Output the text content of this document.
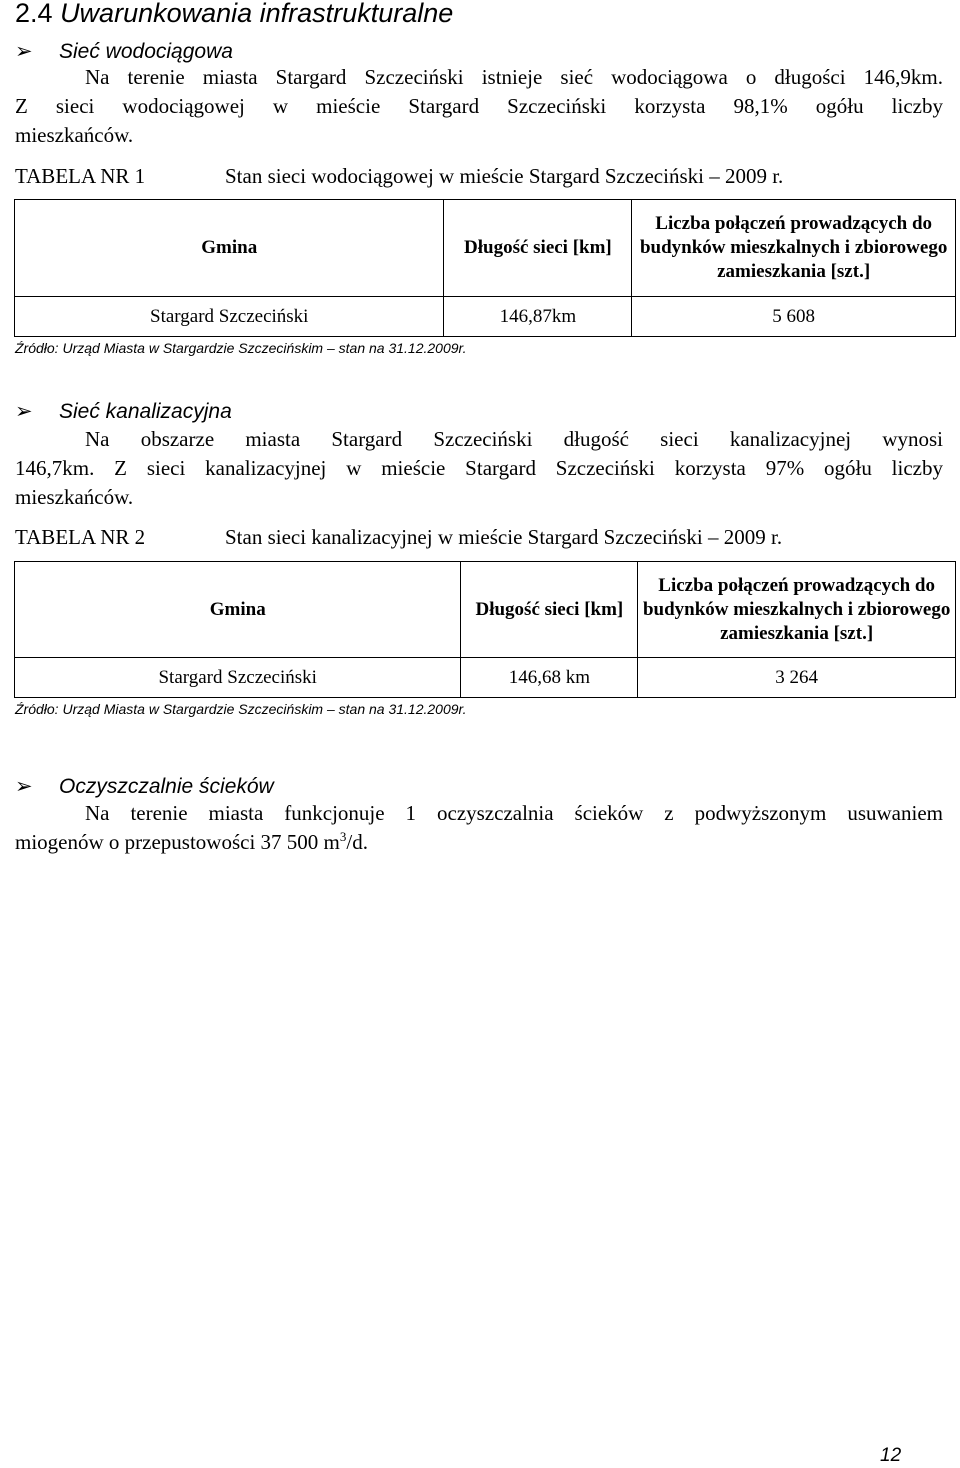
2.4 Uwarunkowania infrastrukturalne
➢ Sieć wodociągowa
Na terenie miasta Stargard Szczeciński istnieje sieć wodociągowa o długości 146,9km.
Z sieci wodociągowej w mieście Stargard Szczeciński korzysta 98,1% ogółu liczby
mieszkańców.
TABELA NR 1	Stan sieci wodociągowej w mieście Stargard Szczeciński – 2009 r.
Gmina	Długość sieci [km]	Liczba połączeń prowadzących do budynków mieszkalnych i zbiorowego zamieszkania [szt.]
Stargard Szczeciński	146,87km	5 608
Źródło: Urząd Miasta w Stargardzie Szczecińskim – stan na 31.12.2009r.
➢ Sieć kanalizacyjna
Na obszarze miasta Stargard Szczeciński długość sieci kanalizacyjnej wynosi
146,7km. Z sieci kanalizacyjnej w mieście Stargard Szczeciński korzysta 97% ogółu liczby
mieszkańców.
TABELA NR 2	Stan sieci kanalizacyjnej w mieście Stargard Szczeciński – 2009 r.
Gmina	Długość sieci [km]	Liczba połączeń prowadzących do budynków mieszkalnych i zbiorowego zamieszkania [szt.]
Stargard Szczeciński	146,68 km	3 264
Źródło: Urząd Miasta w Stargardzie Szczecińskim – stan na 31.12.2009r.
➢ Oczyszczalnie ścieków
Na terenie miasta funkcjonuje 1 oczyszczalnia ścieków z podwyższonym usuwaniem
miogenów o przepustowości 37 500 $m^3/d$.
12
